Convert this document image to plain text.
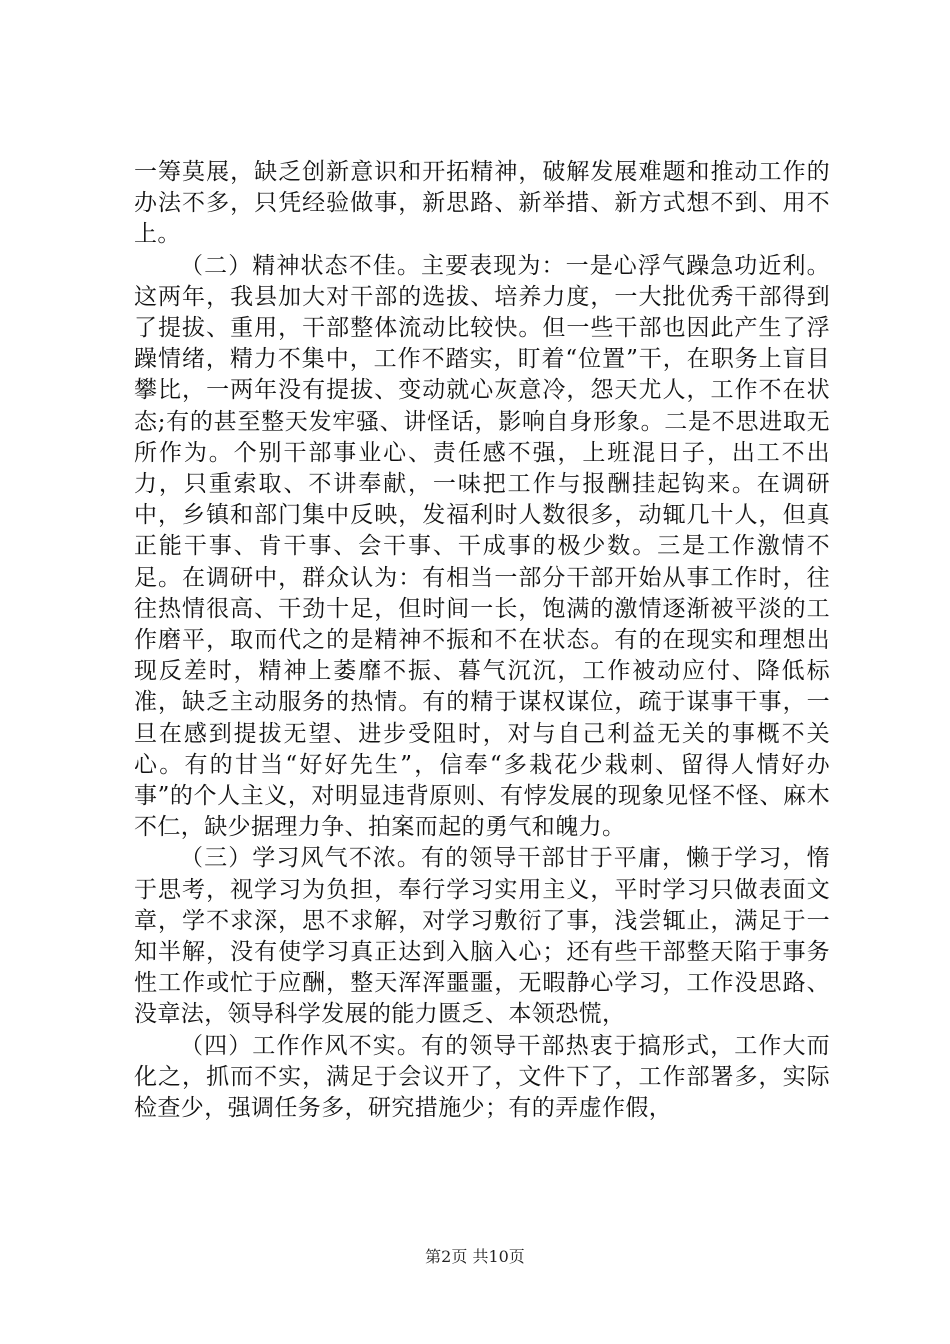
一筹莫展，缺乏创新意识和开拓精神，破解发展难题和推动工作的办法不多，只凭经验做事，新思路、新举措、新方式想不到、用不上。

（二）精神状态不佳。主要表现为：一是心浮气躁急功近利。这两年，我县加大对干部的选拔、培养力度，一大批优秀干部得到了提拔、重用，干部整体流动比较快。但一些干部也因此产生了浮躁情绪，精力不集中，工作不踏实，盯着“位置”干，在职务上盲目攀比，一两年没有提拔、变动就心灰意冷，怨天尤人，工作不在状态;有的甚至整天发牢骚、讲怪话，影响自身形象。二是不思进取无所作为。个别干部事业心、责任感不强，上班混日子，出工不出力，只重索取、不讲奉献，一味把工作与报酬挂起钩来。在调研中，乡镇和部门集中反映，发福利时人数很多，动辄几十人，但真正能干事、肯干事、会干事、干成事的极少数。三是工作激情不足。在调研中，群众认为：有相当一部分干部开始从事工作时，往往热情很高、干劲十足，但时间一长，饱满的激情逐渐被平淡的工作磨平，取而代之的是精神不振和不在状态。有的在现实和理想出现反差时，精神上萎靡不振、暮气沉沉，工作被动应付、降低标准，缺乏主动服务的热情。有的精于谋权谋位，疏于谋事干事，一旦在感到提拔无望、进步受阻时，对与自己利益无关的事概不关心。有的甘当“好好先生”，信奉“多栽花少栽刺、留得人情好办事”的个人主义，对明显违背原则、有悖发展的现象见怪不怪、麻木不仁，缺少据理力争、拍案而起的勇气和魄力。

（三）学习风气不浓。有的领导干部甘于平庸，懒于学习，惰于思考，视学习为负担，奉行学习实用主义，平时学习只做表面文章，学不求深，思不求解，对学习敷衍了事，浅尝辄止，满足于一知半解，没有使学习真正达到入脑入心；还有些干部整天陷于事务性工作或忙于应酬，整天浑浑噩噩，无暇静心学习，工作没思路、没章法，领导科学发展的能力匮乏、本领恐慌，

（四）工作作风不实。有的领导干部热衷于搞形式，工作大而化之，抓而不实，满足于会议开了，文件下了，工作部署多，实际检查少，强调任务多，研究措施少；有的弄虚作假，

第2页 共10页
